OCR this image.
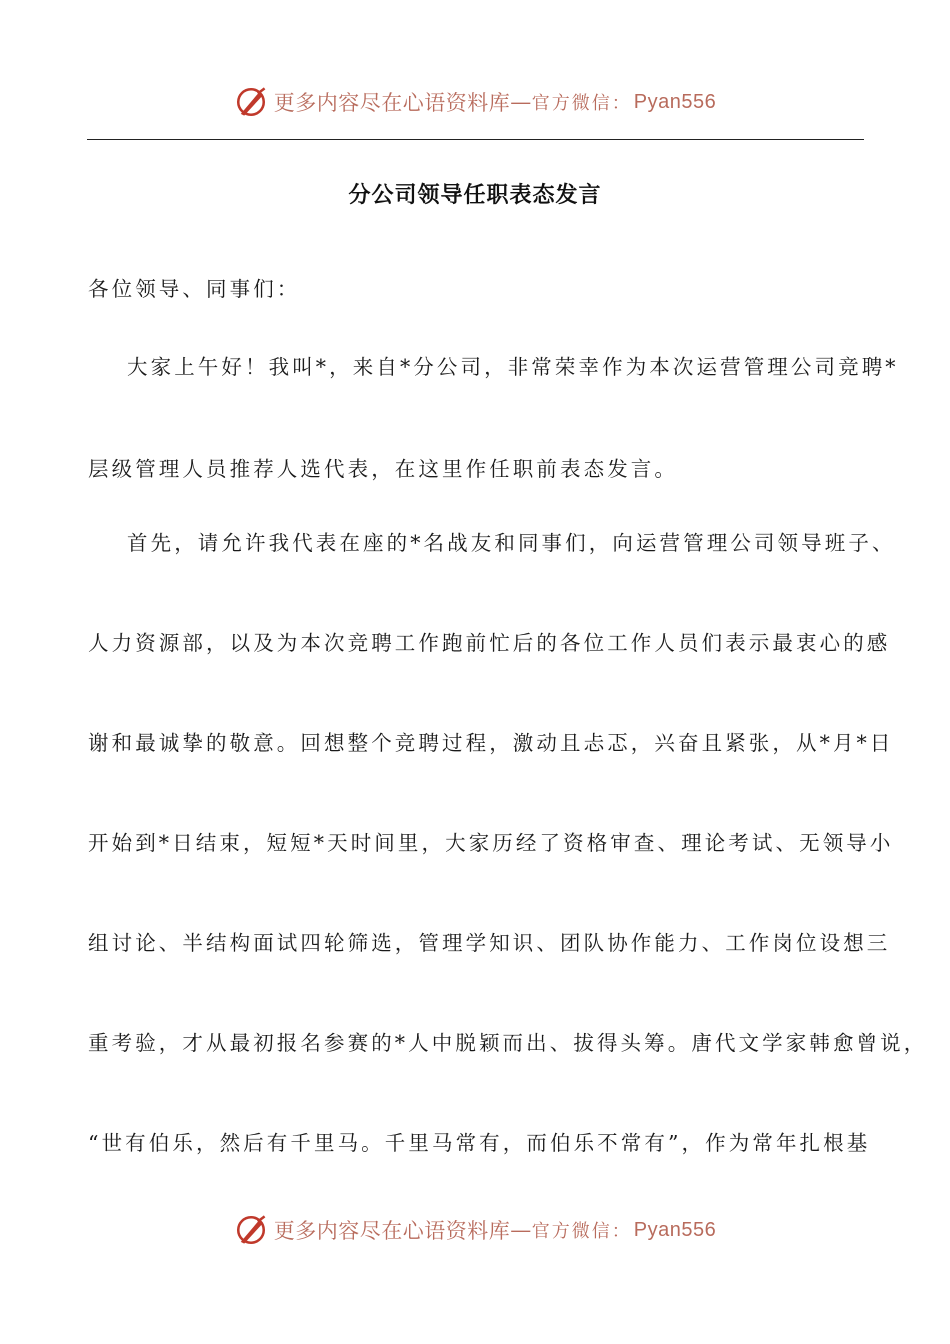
更多内容尽在心语资料库 — 官方微信： Pyan556
分公司领导任职表态发言
各位领导、同事们：
大家上午好！我叫*，来自*分公司，非常荣幸作为本次运营管理公司竞聘*
层级管理人员推荐人选代表，在这里作任职前表态发言。
首先，请允许我代表在座的*名战友和同事们，向运营管理公司领导班子、
人力资源部，以及为本次竞聘工作跑前忙后的各位工作人员们表示最衷心的感
谢和最诚挚的敬意。回想整个竞聘过程，激动且忐忑，兴奋且紧张，从*月*日
开始到*日结束，短短*天时间里，大家历经了资格审查、理论考试、无领导小
组讨论、半结构面试四轮筛选，管理学知识、团队协作能力、工作岗位设想三
重考验，才从最初报名参赛的*人中脱颖而出、拔得头筹。唐代文学家韩愈曾说，
“世有伯乐，然后有千里马。千里马常有，而伯乐不常有”，作为常年扎根基
更多内容尽在心语资料库 — 官方微信： Pyan556
